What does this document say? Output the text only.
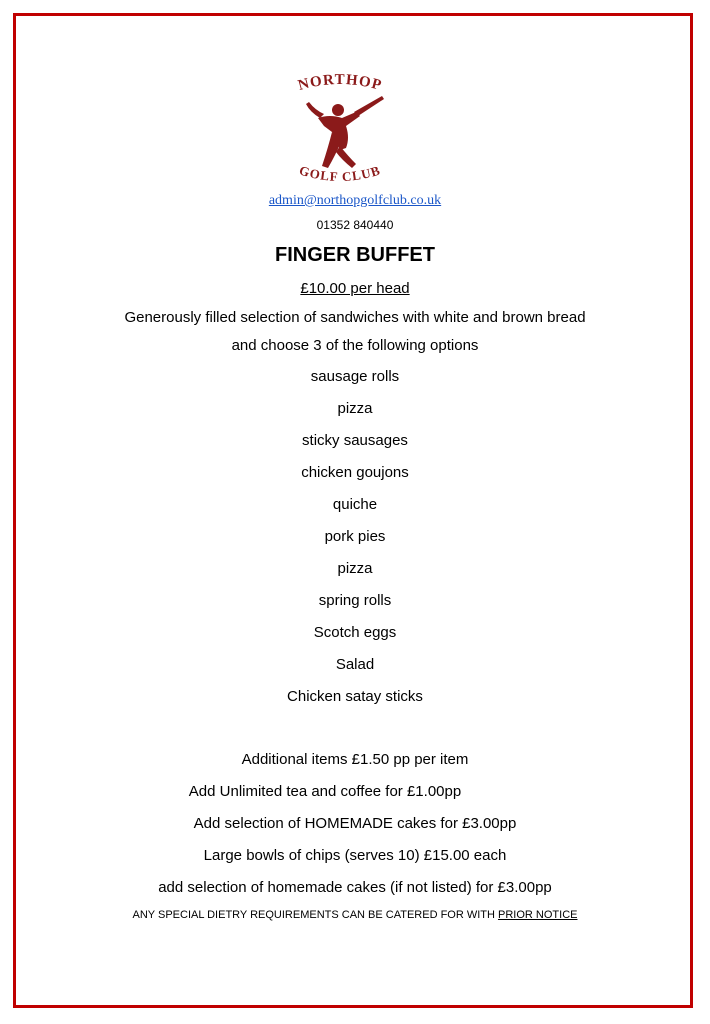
NORTHOP
GOLF CLUB
admin@northopgolfclub.co.uk
01352 840440
FINGER BUFFET
£10.00 per head
Generously filled selection of sandwiches with white and brown bread
and choose 3 of the following options
sausage rolls
pizza
sticky sausages
chicken goujons
quiche
pork pies
pizza
spring rolls
Scotch eggs
Salad
Chicken satay sticks
Additional items £1.50 pp per item
Add Unlimited tea and coffee for £1.00pp
Add selection of HOMEMADE cakes for £3.00pp
Large bowls of chips (serves 10) £15.00 each
add selection of homemade cakes (if not listed) for £3.00pp
ANY SPECIAL DIETRY REQUIREMENTS CAN BE CATERED FOR WITH PRIOR NOTICE
